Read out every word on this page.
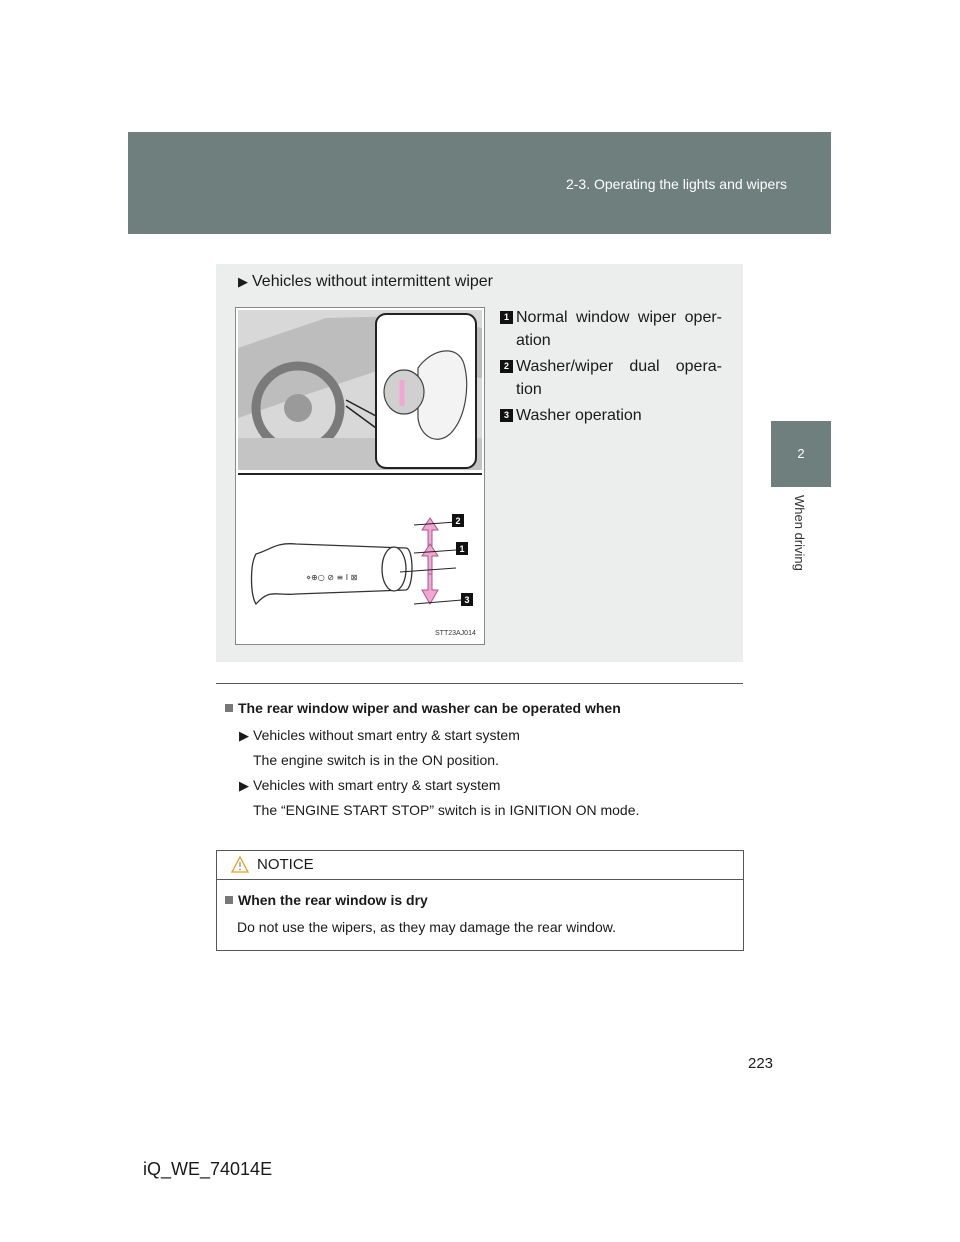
2-3. Operating the lights and wipers
2
When driving
▶ Vehicles without intermittent wiper
⋄⊕○ ⊘ ≡ I ⊠
2
1
3
STT23AJ014
1 Normal window wiper oper-ation
2 Washer/wiper dual opera-tion
3 Washer operation
The rear window wiper and washer can be operated when
▶ Vehicles without smart entry & start system
The engine switch is in the ON position.
▶ Vehicles with smart entry & start system
The “ENGINE START STOP” switch is in IGNITION ON mode.
NOTICE
When the rear window is dry
Do not use the wipers, as they may damage the rear window.
223
iQ_WE_74014E
